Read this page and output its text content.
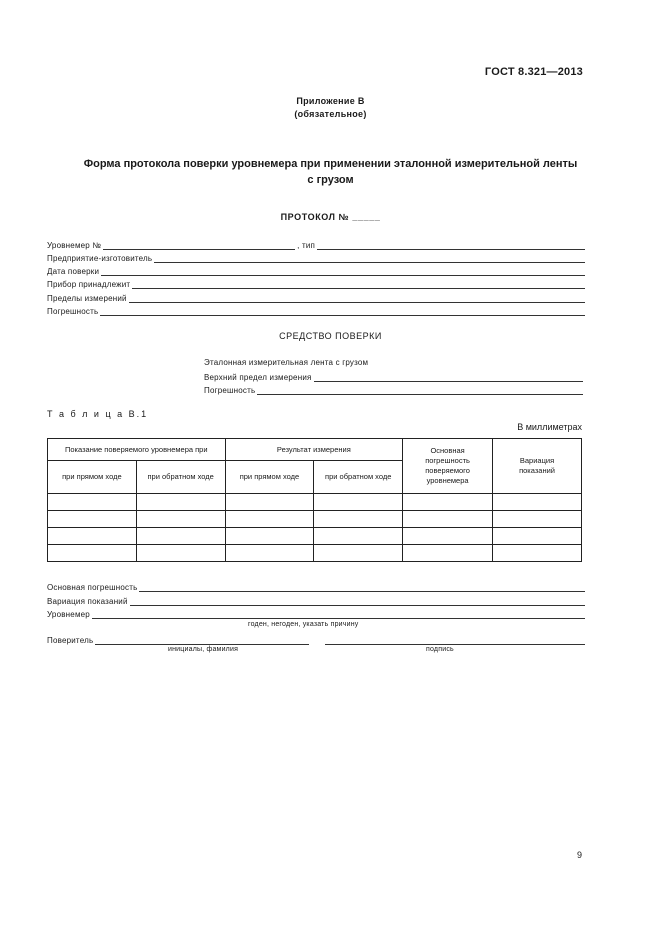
ГОСТ 8.321—2013
Приложение В
(обязательное)
Форма протокола поверки уровнемера при применении эталонной измерительной ленты
с грузом
ПРОТОКОЛ № _____
Уровнемер №	, тип
Предприятие-изготовитель
Дата поверки
Прибор принадлежит
Пределы измерений
Погрешность
СРЕДСТВО ПОВЕРКИ
Эталонная измерительная лента с грузом
Верхний предел измерения
Погрешность
Т а б л и ц а В.1
В миллиметрах
Показание поверяемого уровнемера при		Результат измерения		Основная погрешность поверяемого уровнемера	Вариация показаний
при прямом ходе	при обратном ходе	при прямом ходе	при обратном ходе		

Основная погрешность
Вариация показаний
Уровнемер
годен, негоден, указать причину
Поверитель
инициалы, фамилия	подпись
9
